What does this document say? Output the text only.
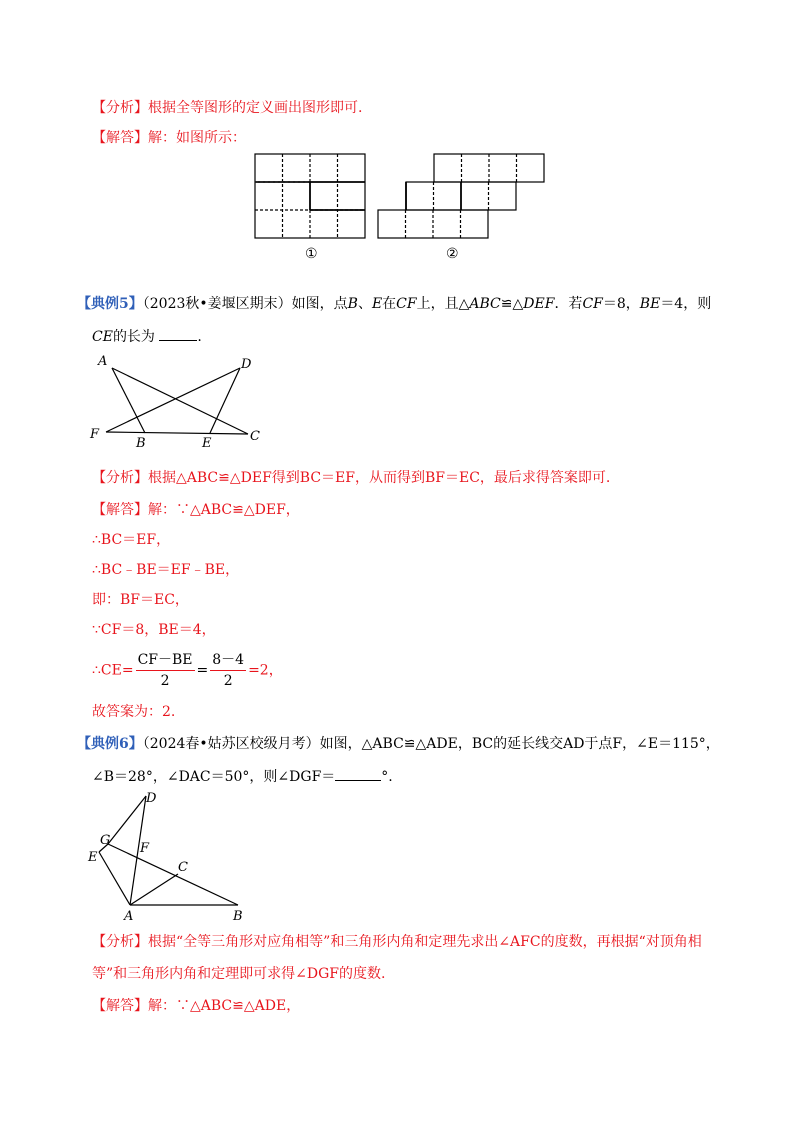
【分析】根据全等图形的定义画出图形即可.
【解答】解：如图所示：
①	②
【典例5】（2023秋•姜堰区期末）如图，点B、E在CF上，且△ABC≌△DEF．若CF＝8，BE＝4，则
CE的长为	.
A	D
F
B	E	C
【分析】根据△ABC≌△DEF得到BC＝EF，从而得到BF＝EC，最后求得答案即可.
【解答】解：∵△ABC≌△DEF，
∴BC＝EF，
∴BC﹣BE＝EF﹣BE，
即：BF＝EC，
∵CF＝8，BE＝4，
∴CE= $\frac{CF-BE}{2} = \frac{8-4}{2} =2$，
故答案为：2.
【典例6】（2024春•姑苏区校级月考）如图，△ABC≌△ADE，BC的延长线交AD于点F，∠E＝115°，
∠B＝28°，∠DAC＝50°，则∠DGF＝	°.
D
G
F
E
C
A	B
【分析】根据“全等三角形对应角相等”和三角形内角和定理先求出∠AFC的度数，再根据“对顶角相
等”和三角形内角和定理即可求得∠DGF的度数.
【解答】解：∵△ABC≌△ADE，
